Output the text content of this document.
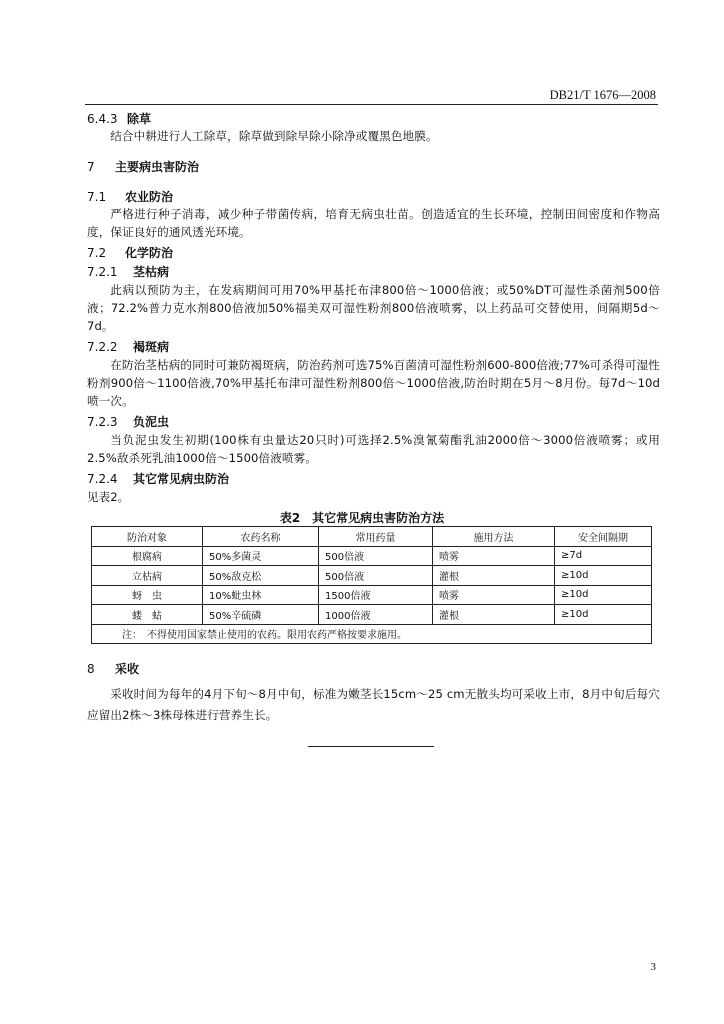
DB21/T 1676—2008
6.4.3 除草
结合中耕进行人工除草，除草做到除早除小除净或覆黑色地膜。
7 主要病虫害防治
7.1 农业防治
严格进行种子消毒，减少种子带菌传病，培育无病虫壮苗。创造适宜的生长环境，控制田间密度和作物高度，保证良好的通风透光环境。
7.2 化学防治
7.2.1 茎枯病
此病以预防为主，在发病期间可用70%甲基托布津800倍～1000倍液；或50%DT可湿性杀菌剂500倍液；72.2%普力克水剂800倍液加50%福美双可湿性粉剂800倍液喷雾，以上药品可交替使用，间隔期5d～7d。
7.2.2 褐斑病
在防治茎枯病的同时可兼防褐斑病，防治药剂可选75%百菌清可湿性粉剂600-800倍液;77%可杀得可湿性粉剂900倍～1100倍液,70%甲基托布津可湿性粉剂800倍～1000倍液,防治时期在5月～8月份。每7d～10d喷一次。
7.2.3 负泥虫
当负泥虫发生初期(100株有虫量达20只时)可选择2.5%溴氰菊酯乳油2000倍～3000倍液喷雾；或用2.5%敌杀死乳油1000倍～1500倍液喷雾。
7.2.4 其它常见病虫防治
见表2。
表2　其它常见病虫害防治方法
防治对象	农药名称	常用药量	施用方法	安全间隔期
根腐病	50%多菌灵	500倍液	喷雾	≥7d
立枯病	50%敌克松	500倍液	灌根	≥10d
蚜　虫	10%蚍虫林	1500倍液	喷雾	≥10d
蝼　蛄	50%辛硫磷	1000倍液	灌根	≥10d
注：　不得使用国家禁止使用的农药。限用农药严格按要求施用。				
8 采收
采收时间为每年的4月下旬～8月中旬，标准为嫩茎长15cm～25 cm无散头均可采收上市，8月中旬后每穴应留出2株～3株母株进行营养生长。
3
